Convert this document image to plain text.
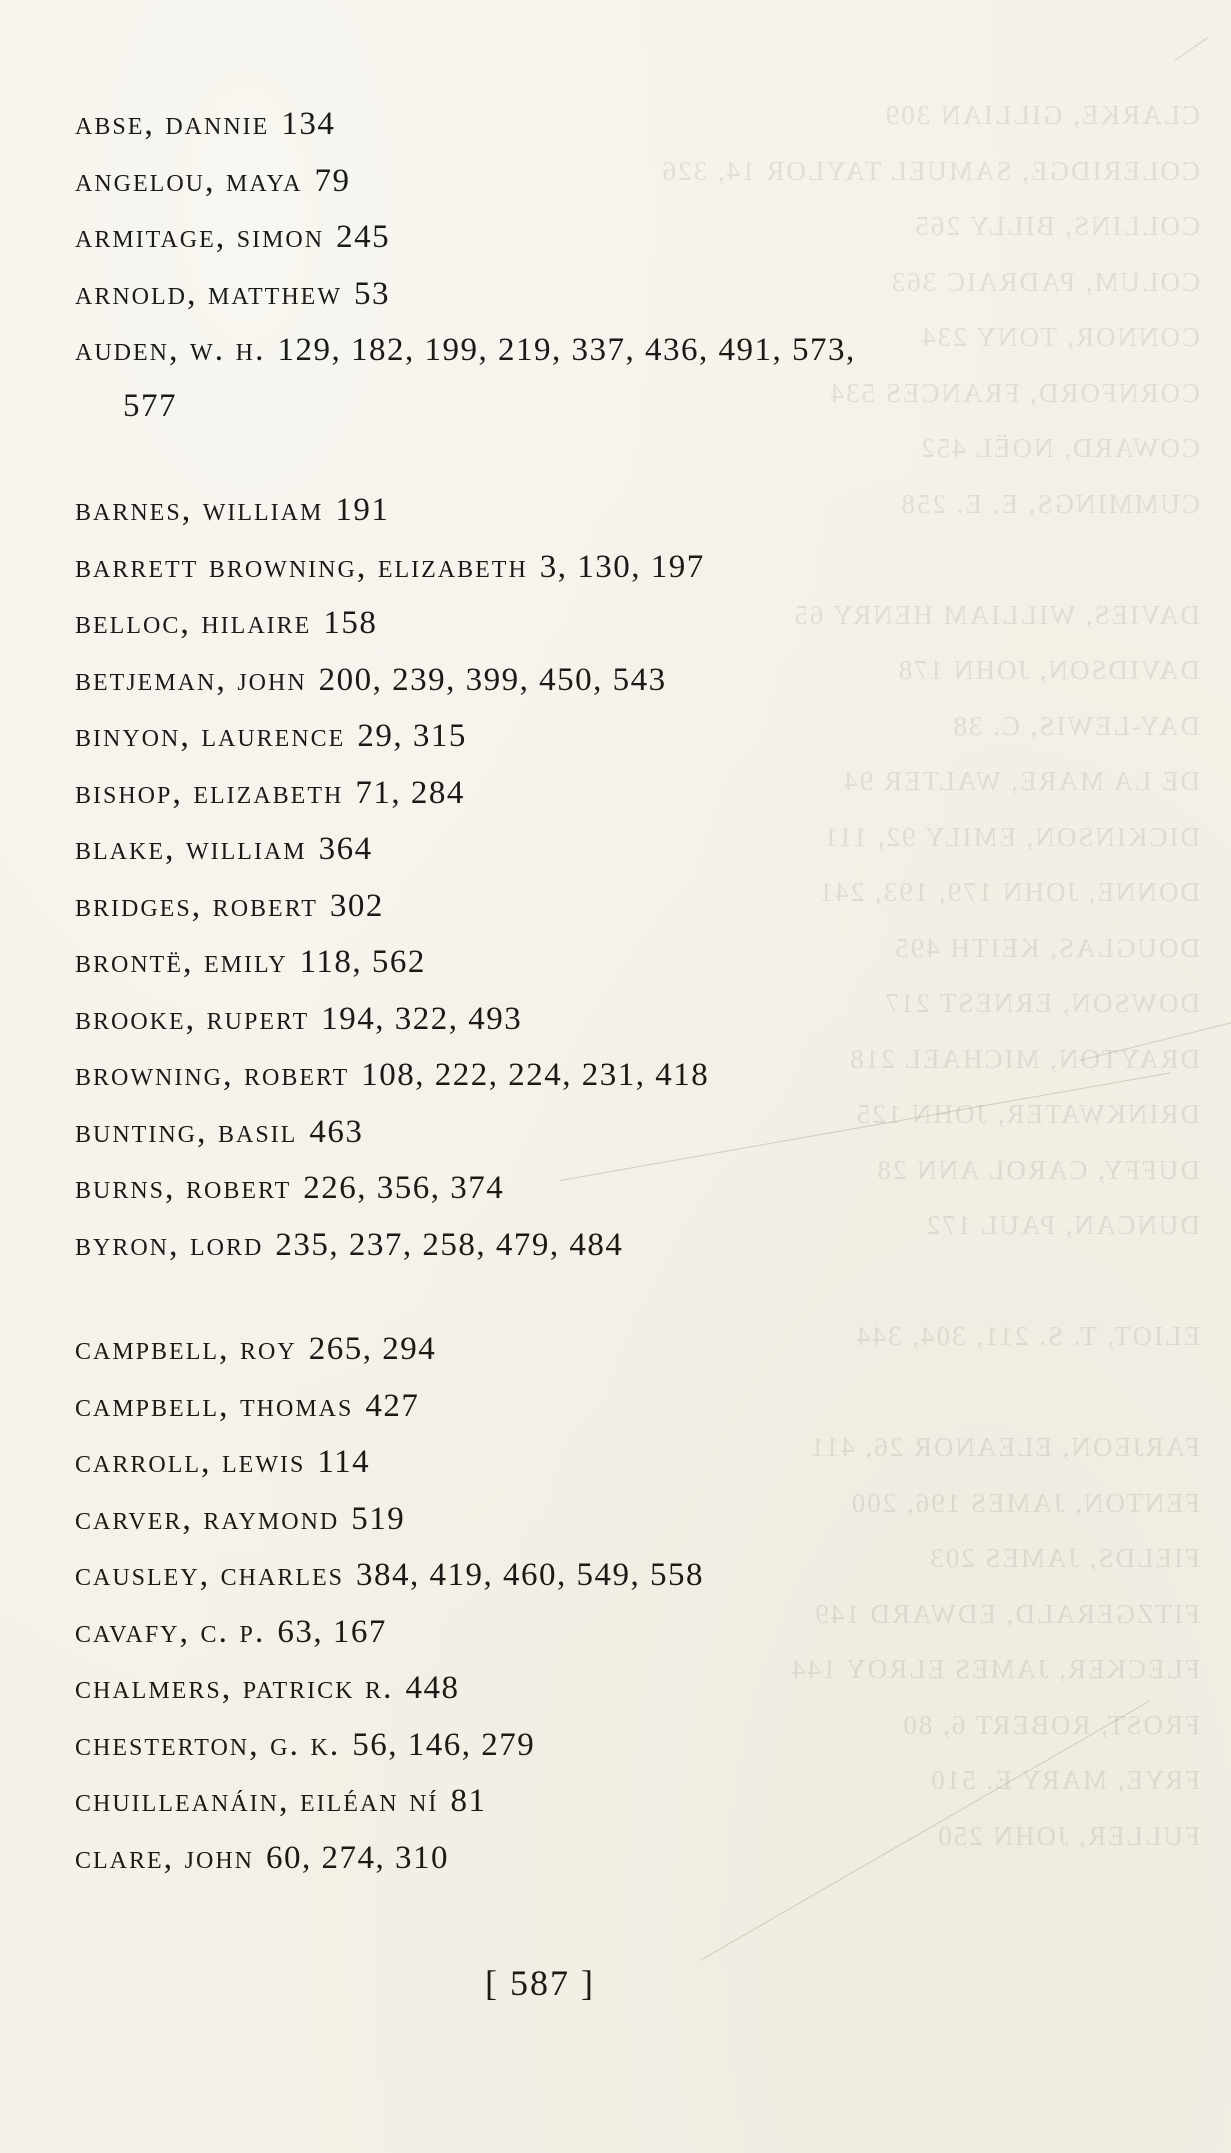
CLARKE, GILLIAN 309
COLERIDGE, SAMUEL TAYLOR 14, 326
COLLINS, BILLY 265
COLUM, PADRAIC 363
CONNOR, TONY 234
CORNFORD, FRANCES 534
COWARD, NOËL 452
CUMMINGS, E. E. 258

DAVIES, WILLIAM HENRY 65
DAVIDSON, JOHN 178
DAY-LEWIS, C. 38
DE LA MARE, WALTER 94
DICKINSON, EMILY 92, 111
DONNE, JOHN 179, 193, 241
DOUGLAS, KEITH 495
DOWSON, ERNEST 217
DRAYTON, MICHAEL 218
DRINKWATER, JOHN 125
DUFFY, CAROL ANN 28
DUNCAN, PAUL 172

ELIOT, T. S. 211, 304, 344

FARJEON, ELEANOR 26, 411
FENTON, JAMES 196, 200
FIELDS, JAMES 203
FITZGERALD, EDWARD 149
FLECKER, JAMES ELROY 144
FROST, ROBERT 6, 80
FRYE, MARY E. 510
FULLER, JOHN 250
abse, dannie 134
angelou, maya 79
armitage, simon 245
arnold, matthew 53
auden, w. h. 129, 182, 199, 219, 337, 436, 491, 573,
577
barnes, william 191
barrett browning, elizabeth 3, 130, 197
belloc, hilaire 158
betjeman, john 200, 239, 399, 450, 543
binyon, laurence 29, 315
bishop, elizabeth 71, 284
blake, william 364
bridges, robert 302
brontë, emily 118, 562
brooke, rupert 194, 322, 493
browning, robert 108, 222, 224, 231, 418
bunting, basil 463
burns, robert 226, 356, 374
byron, lord 235, 237, 258, 479, 484
campbell, roy 265, 294
campbell, thomas 427
carroll, lewis 114
carver, raymond 519
causley, charles 384, 419, 460, 549, 558
cavafy, c. p. 63, 167
chalmers, patrick r. 448
chesterton, g. k. 56, 146, 279
chuilleanáin, eiléan ní 81
clare, john 60, 274, 310
[ 587 ]
